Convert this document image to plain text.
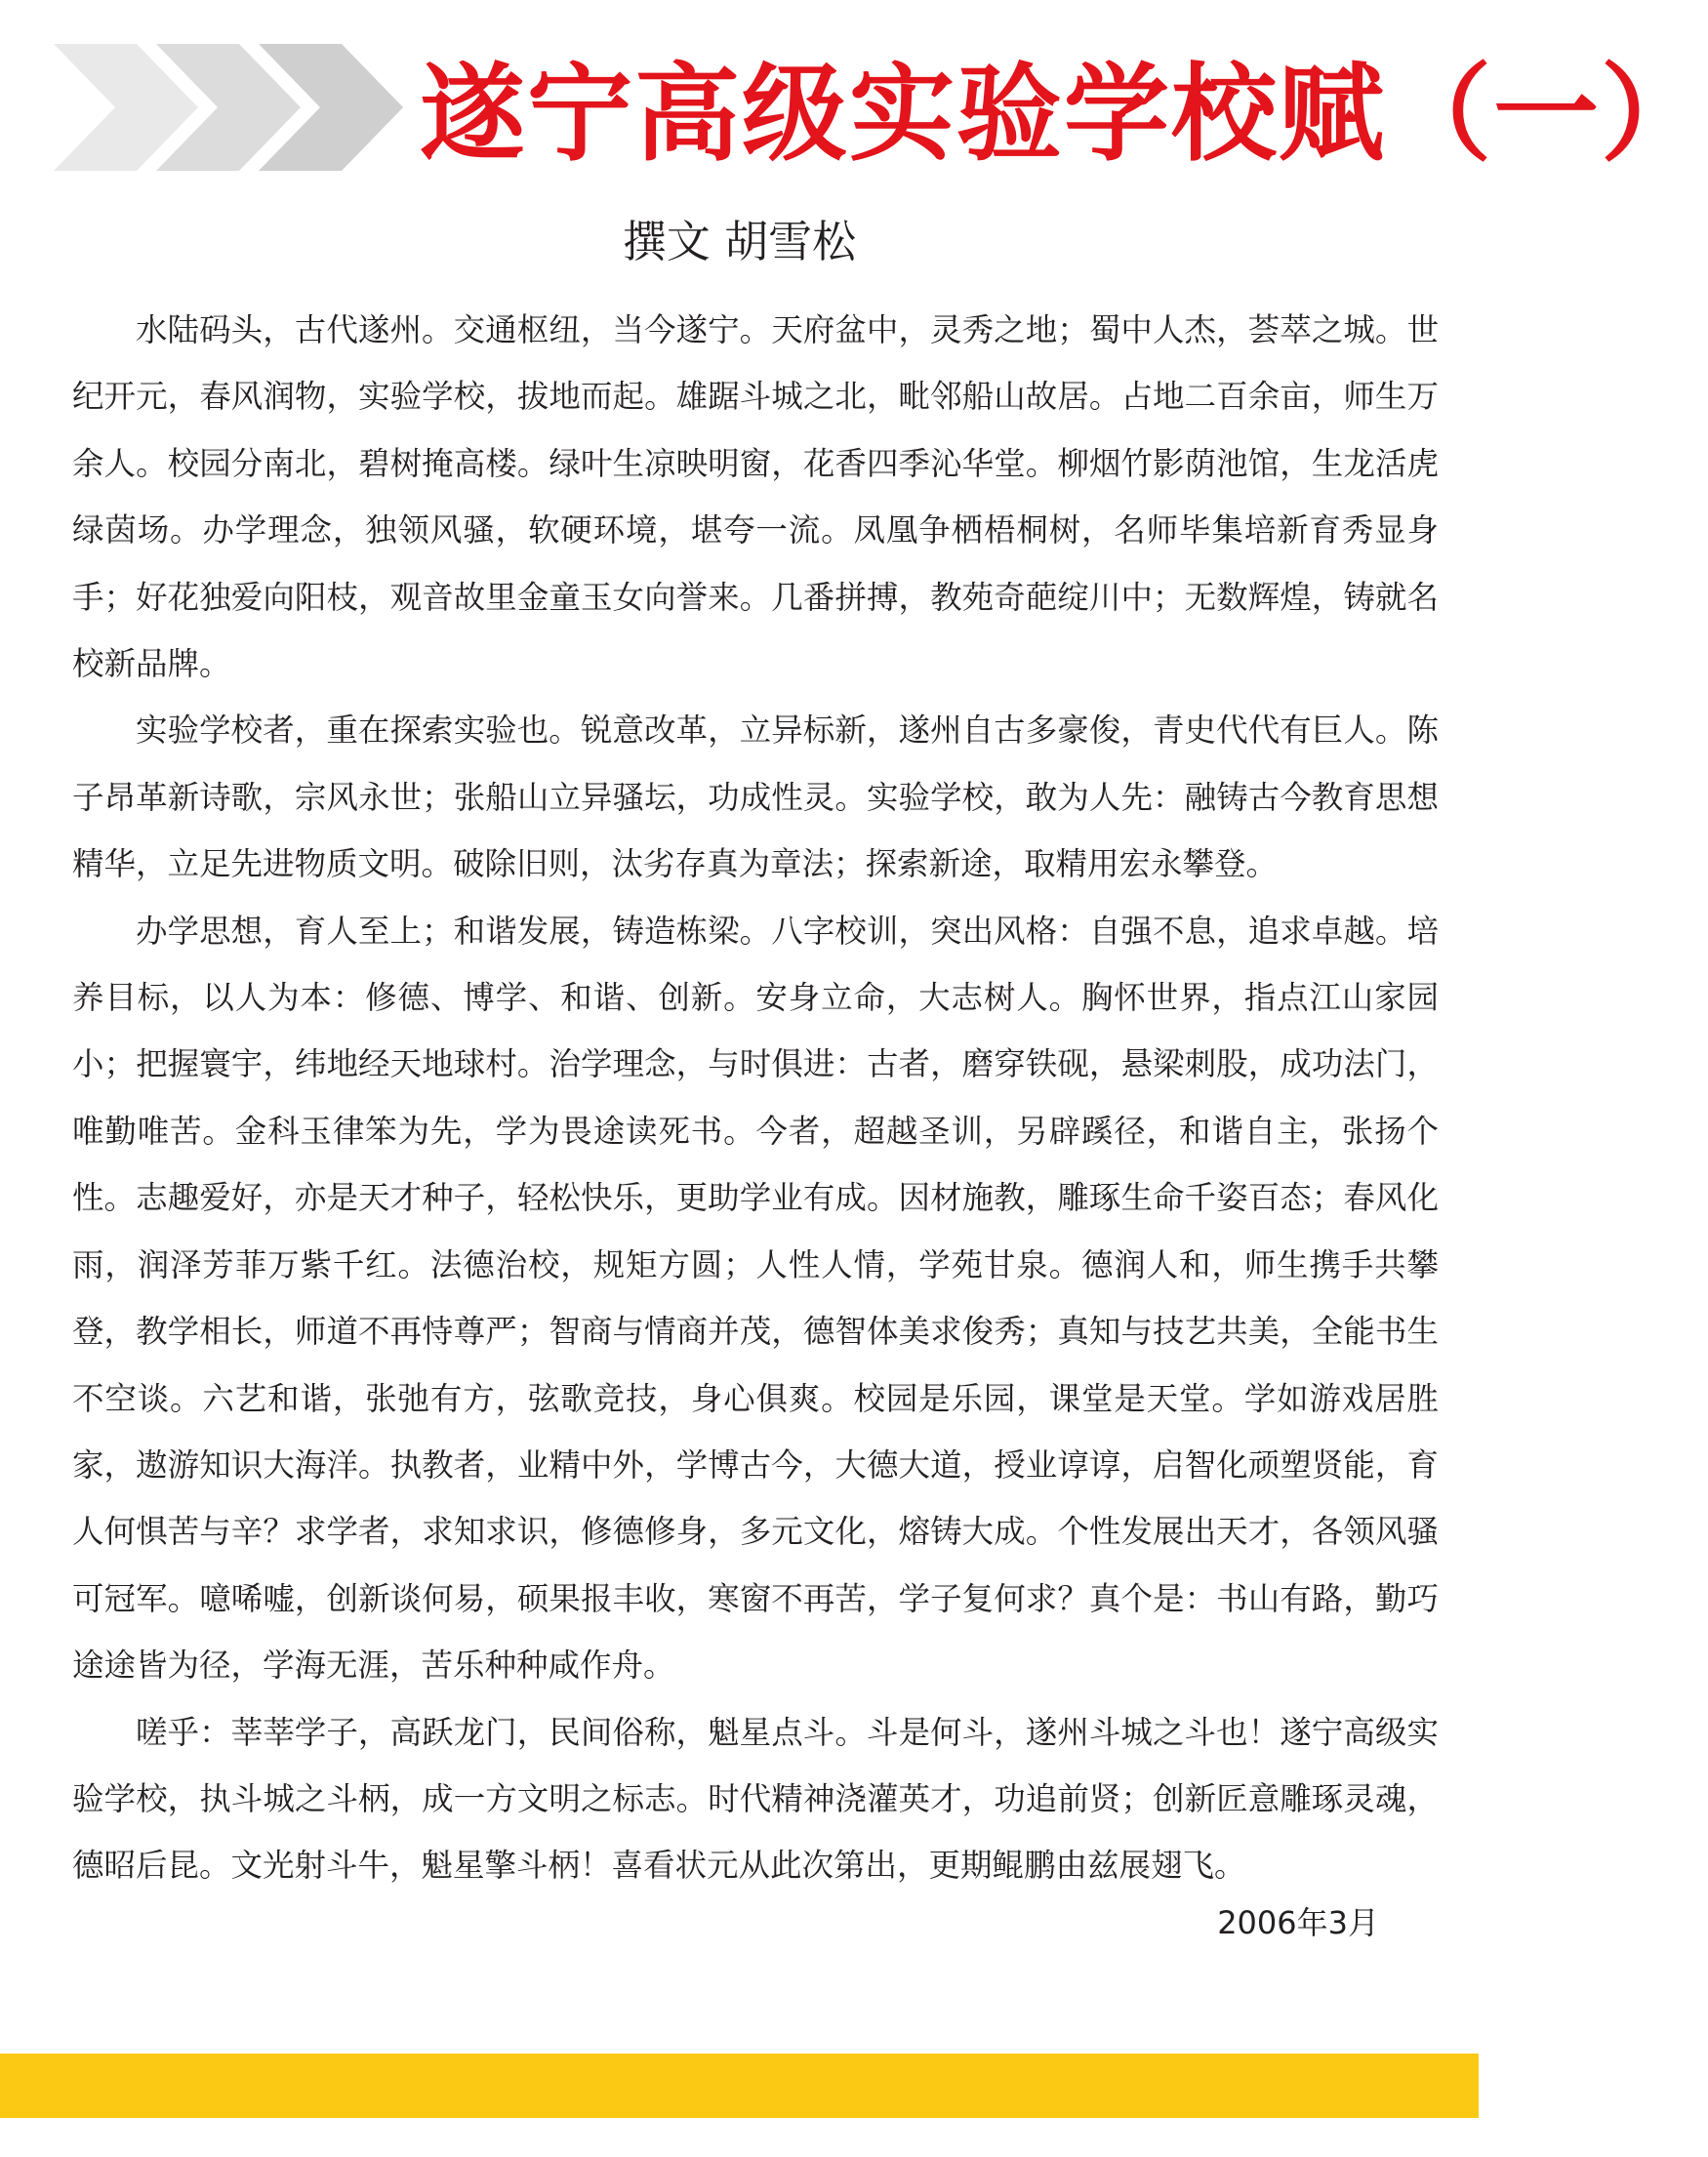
遂宁高级实验学校赋（一）
撰文 胡雪松

水陆码头，古代遂州。交通枢纽，当今遂宁。天府盆中，灵秀之地；蜀中人杰，荟萃之城。世纪开元，春风润物，实验学校，拔地而起。雄踞斗城之北，毗邻船山故居。占地二百余亩，师生万余人。校园分南北，碧树掩高楼。绿叶生凉映明窗，花香四季沁华堂。柳烟竹影荫池馆，生龙活虎绿茵场。办学理念，独领风骚，软硬环境，堪夸一流。凤凰争栖梧桐树，名师毕集培新育秀显身手；好花独爱向阳枝，观音故里金童玉女向誉来。几番拼搏，教苑奇葩绽川中；无数辉煌，铸就名校新品牌。

实验学校者，重在探索实验也。锐意改革，立异标新，遂州自古多豪俊，青史代代有巨人。陈子昂革新诗歌，宗风永世；张船山立异骚坛，功成性灵。实验学校，敢为人先：融铸古今教育思想精华，立足先进物质文明。破除旧则，汰劣存真为章法；探索新途，取精用宏永攀登。

办学思想，育人至上；和谐发展，铸造栋梁。八字校训，突出风格：自强不息，追求卓越。培养目标，以人为本：修德、博学、和谐、创新。安身立命，大志树人。胸怀世界，指点江山家园小；把握寰宇，纬地经天地球村。治学理念，与时俱进：古者，磨穿铁砚，悬梁刺股，成功法门，唯勤唯苦。金科玉律笨为先，学为畏途读死书。今者，超越圣训，另辟蹊径，和谐自主，张扬个性。志趣爱好，亦是天才种子，轻松快乐，更助学业有成。因材施教，雕琢生命千姿百态；春风化雨，润泽芳菲万紫千红。法德治校，规矩方圆；人性人情，学苑甘泉。德润人和，师生携手共攀登，教学相长，师道不再恃尊严；智商与情商并茂，德智体美求俊秀；真知与技艺共美，全能书生不空谈。六艺和谐，张弛有方，弦歌竞技，身心俱爽。校园是乐园，课堂是天堂。学如游戏居胜家，遨游知识大海洋。执教者，业精中外，学博古今，大德大道，授业谆谆，启智化顽塑贤能，育人何惧苦与辛？求学者，求知求识，修德修身，多元文化，熔铸大成。个性发展出天才，各领风骚可冠军。噫唏嘘，创新谈何易，硕果报丰收，寒窗不再苦，学子复何求？真个是：书山有路，勤巧途途皆为径，学海无涯，苦乐种种咸作舟。

嗟乎：莘莘学子，高跃龙门，民间俗称，魁星点斗。斗是何斗，遂州斗城之斗也！遂宁高级实验学校，执斗城之斗柄，成一方文明之标志。时代精神浇灌英才，功追前贤；创新匠意雕琢灵魂，德昭后昆。文光射斗牛，魁星擎斗柄！喜看状元从此次第出，更期鲲鹏由兹展翅飞。

2006年3月
